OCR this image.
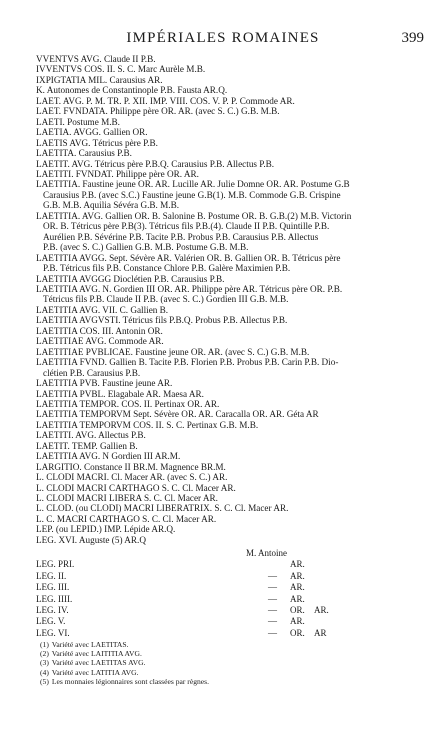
IMPÉRIALES ROMAINES	399
VVENTVS AVG. Claude II P.B.
IVVENTVS COS. II. S. C. Marc Aurèle M.B.
IXPIGTATIA MIL. Carausius AR.
K. Autonomes de Constantinople P.B. Fausta AR.Q.
LAET. AVG. P. M. TR. P. XII. IMP. VIII. COS. V. P. P. Commode AR.
LAET. FVNDATA. Philippe père OR. AR. (avec S. C.) G.B. M.B.
LAETI. Postume M.B.
LAETIA. AVGG. Gallien OR.
LAETIS AVG. Tétricus père P.B.
LAETITA. Carausius P.B.
LAETIT. AVG. Tétricus père P.B.Q. Carausius P.B. Allectus P.B.
LAETITI. FVNDAT. Philippe père OR. AR.
LAETITIA. Faustine jeune OR. AR. Lucille AR. Julie Domne OR. AR. Postume G.B
Carausius P.B. (avec S.C.) Faustine jeune G.B(1). M.B. Commode G.B. Crispine
G.B. M.B. Aquilia Sévéra G.B. M.B.
LAETITIA. AVG. Gallien OR. B. Salonine B. Postume OR. B. G.B.(2) M.B. Victorin
OR. B. Tétricus père P.B(3). Tétricus fils P.B.(4). Claude II P.B. Quintille P.B.
Aurélien P.B. Sévérine P.B. Tacite P.B. Probus P.B. Carausius P.B. Allectus
P.B. (avec S. C.) Gallien G.B. M.B. Postume G.B. M.B.
LAETITIA AVGG. Sept. Sévère AR. Valérien OR. B. Gallien OR. B. Tétricus père
P.B. Tétricus fils P.B. Constance Chlore P.B. Galère Maximien P.B.
LAETITIA AVGGG Dioclétien P.B. Carausius P.B.
LAETITIA AVG. N. Gordien III OR. AR. Philippe père AR. Tétricus père OR. P.B.
Tétricus fils P.B. Claude II P.B. (avec S. C.) Gordien III G.B. M.B.
LAETITIA AVG. VII. C. Gallien B.
LAETITIA AVGVSTI. Tétricus fils P.B.Q. Probus P.B. Allectus P.B.
LAETITIA COS. III. Antonin OR.
LAETITIAE AVG. Commode AR.
LAETITIAE PVBLICAE. Faustine jeune OR. AR. (avec S. C.) G.B. M.B.
LAETITIA FVND. Gallien B. Tacite P.B. Florien P.B. Probus P.B. Carin P.B. Dio-
clétien P.B. Carausius P.B.
LAETITIA PVB. Faustine jeune AR.
LAETITIA PVBL. Elagabale AR. Maesa AR.
LAETITIA TEMPOR. COS. II. Pertinax OR. AR.
LAETITIA TEMPORVM Sept. Sévère OR. AR. Caracalla OR. AR. Géta AR
LAETITIA TEMPORVM COS. II. S. C. Pertinax G.B. M.B.
LAETITI. AVG. Allectus P.B.
LAETIT. TEMP. Gallien B.
LAETITIA AVG. N Gordien III AR.M.
LARGITIO. Constance II BR.M. Magnence BR.M.
L. CLODI MACRI. Cl. Macer AR. (avec S. C.) AR.
L. CLODI MACRI CARTHAGO S. C. Cl. Macer AR.
L. CLODI MACRI LIBERA S. C. Cl. Macer AR.
L. CLOD. (ou CLODI) MACRI LIBERATRIX. S. C. Cl. Macer AR.
L. C. MACRI CARTHAGO S. C. Cl. Macer AR.
LEP. (ou LEPID.) IMP. Lépide AR.Q.
LEG. XVI. Auguste (5) AR.Q
M. Antoine
LEG. PRI.	AR.
LEG. II.	— AR.
LEG. III.	— AR.
LEG. IIII.	— AR.
LEG. IV.	— OR. AR.
LEG. V.	— AR.
LEG. VI.	— OR. AR
(1) Variété avec LAETITAS.
(2) Variété avec LAITITIA AVG.
(3) Variété avec LAETITAS AVG.
(4) Variété avec LATITIA AVG.
(5) Les monnaies légionnaires sont classées par règnes.
